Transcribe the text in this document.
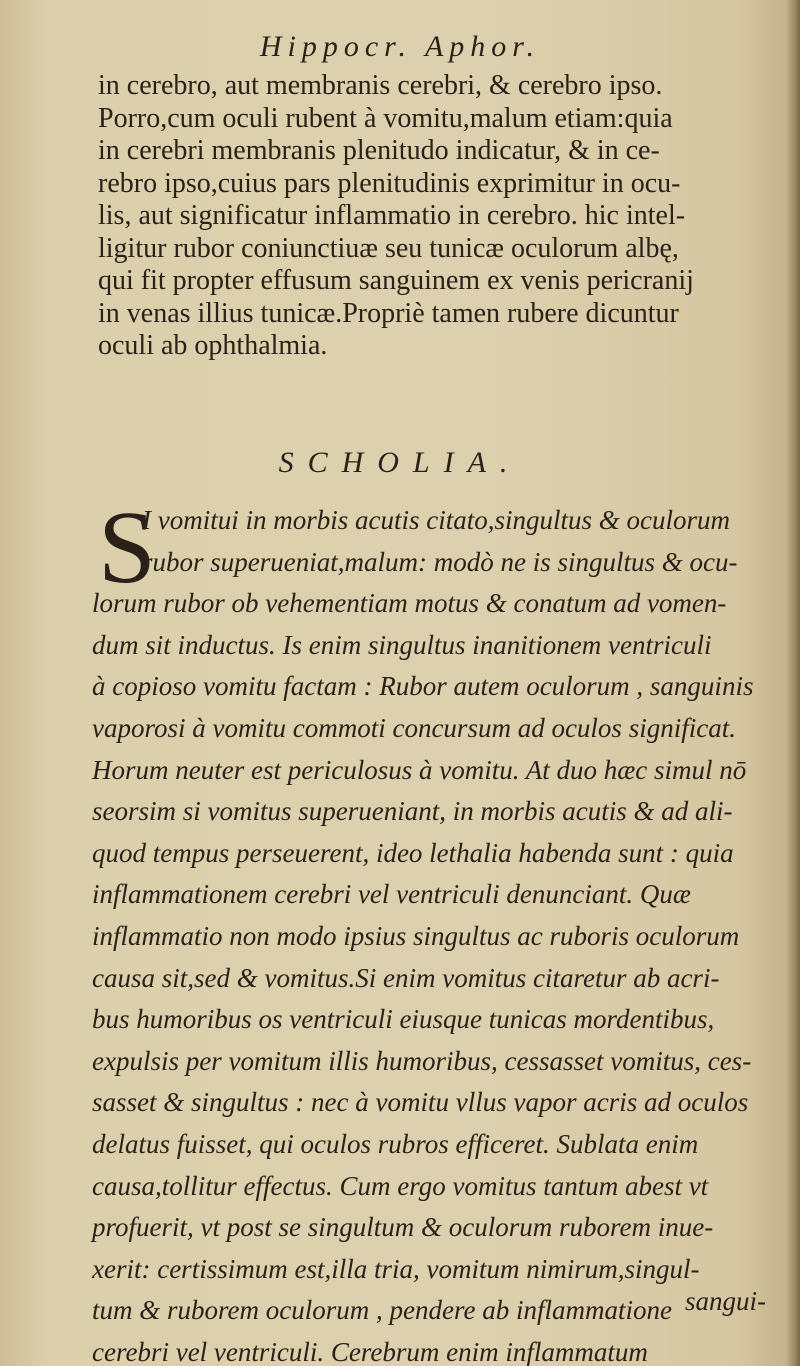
Hippocr. Aphor.
in cerebro, aut membranis cerebri, & cerebro ipso.
Porro,cum oculi rubent à vomitu,malum etiam:quia
in cerebri membranis plenitudo indicatur, & in ce-
rebro ipso,cuius pars plenitudinis exprimitur in ocu-
lis, aut significatur inflammatio in cerebro. hic intel-
ligitur rubor coniunctiuæ seu tunicæ oculorum albę,
qui fit propter effusum sanguinem ex venis pericranij
in venas illius tunicæ.Propriè tamen rubere dicuntur
oculi ab ophthalmia.
SCHOLIA.
S
I vomitui in morbis acutis citato,singultus & oculorum
rubor superueniat,malum: modò ne is singultus & ocu-
lorum rubor ob vehementiam motus & conatum ad vomen-
dum sit inductus. Is enim singultus inanitionem ventriculi
à copioso vomitu factam : Rubor autem oculorum , sanguinis
vaporosi à vomitu commoti concursum ad oculos significat.
Horum neuter est periculosus à vomitu. At duo hæc simul nō
seorsim si vomitus superueniant, in morbis acutis & ad ali-
quod tempus perseuerent, ideo lethalia habenda sunt : quia
inflammationem cerebri vel ventriculi denunciant. Quæ
inflammatio non modo ipsius singultus ac ruboris oculorum
causa sit,sed & vomitus.Si enim vomitus citaretur ab acri-
bus humoribus os ventriculi eiusque tunicas mordentibus,
expulsis per vomitum illis humoribus, cessasset vomitus, ces-
sasset & singultus : nec à vomitu vllus vapor acris ad oculos
delatus fuisset, qui oculos rubros efficeret. Sublata enim
causa,tollitur effectus. Cum ergo vomitus tantum abest vt
profuerit, vt post se singultum & oculorum ruborem inue-
xerit: certissimum est,illa tria, vomitum nimirum,singul-
tum & ruborem oculorum , pendere ab inflammatione
cerebri vel ventriculi. Cerebrum enim inflammatum
sangui-
